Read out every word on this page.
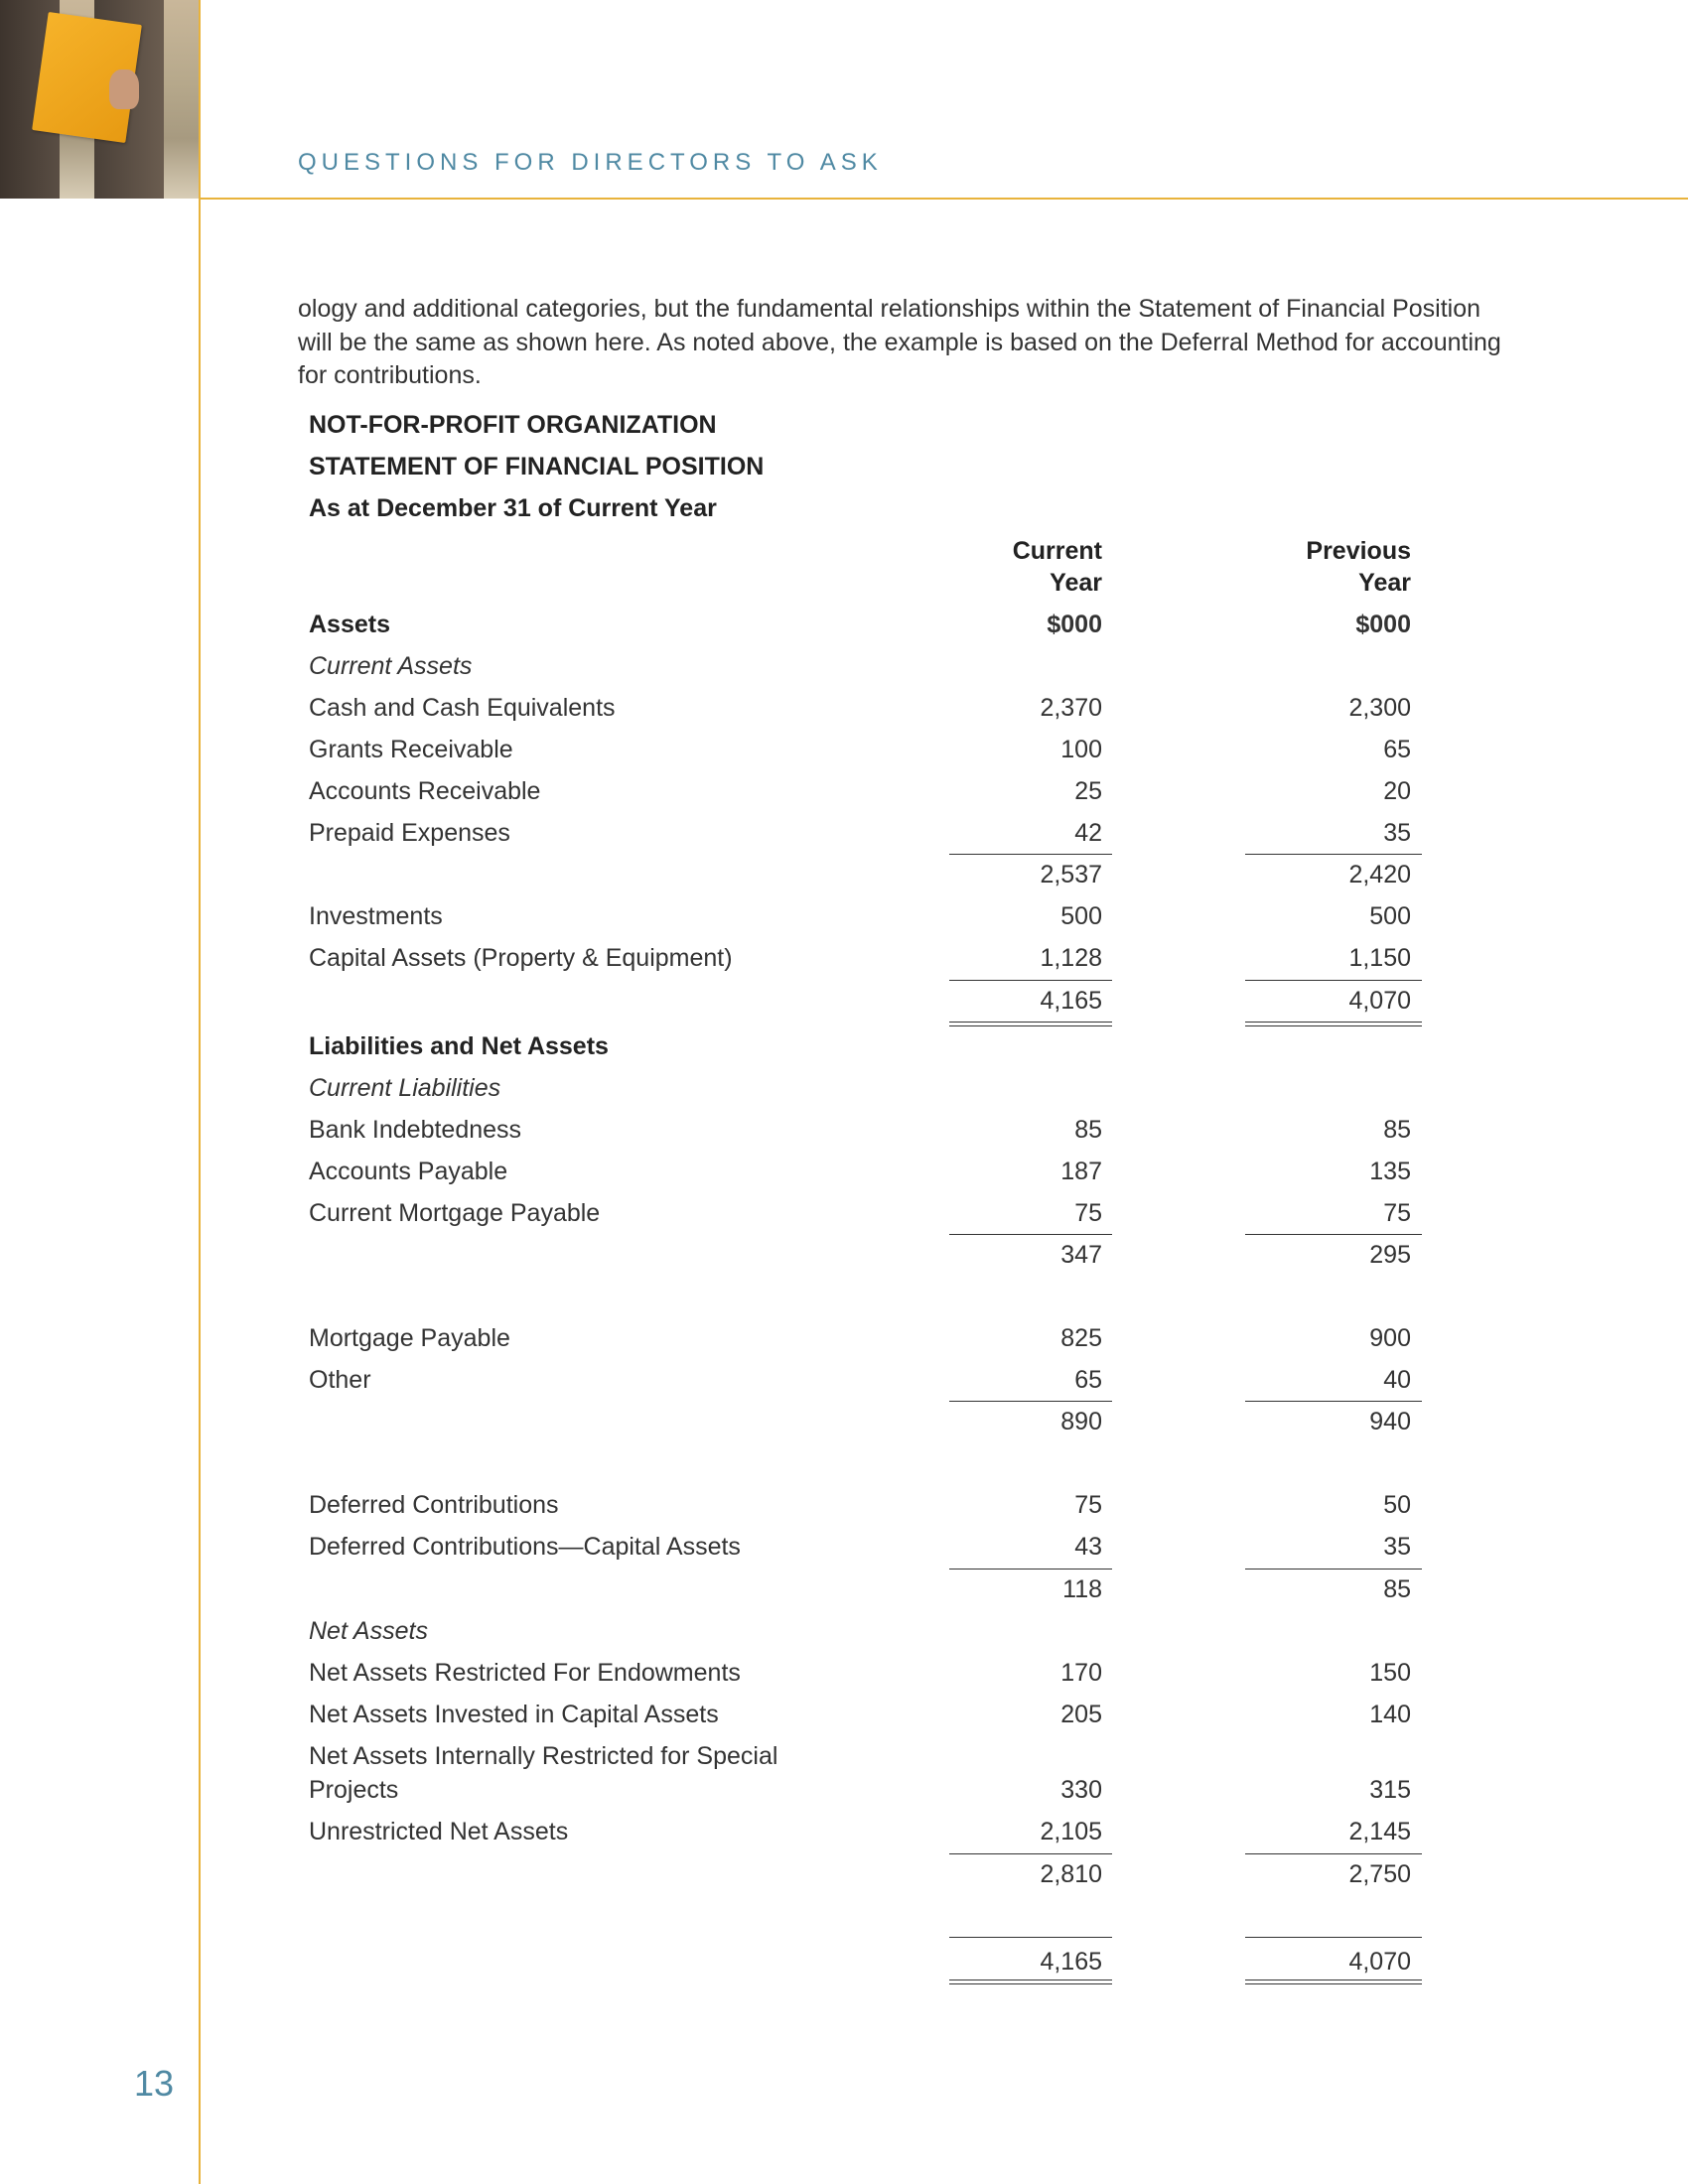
QUESTIONS FOR DIRECTORS TO ASK
13
ology and additional categories, but the fundamental relationships within the Statement of Financial Position will be the same as shown here. As noted above, the example is based on the Deferral Method for accounting for contributions.
NOT-FOR-PROFIT ORGANIZATION
STATEMENT OF FINANCIAL POSITION
As at December 31 of Current Year
Current
Year
Previous
Year
Assets	$000	$000
Current Assets
Cash and Cash Equivalents	2,370	2,300
Grants Receivable	100	65
Accounts Receivable	25	20
Prepaid Expenses	42	35
2,537	2,420
Investments	500	500
Capital Assets (Property & Equipment)	1,128	1,150
4,165	4,070
Liabilities and Net Assets
Current Liabilities
Bank Indebtedness	85	85
Accounts Payable	187	135
Current Mortgage Payable	75	75
347	295
Mortgage Payable	825	900
Other	65	40
890	940
Deferred Contributions	75	50
Deferred Contributions—Capital Assets	43	35
118	85
Net Assets
Net Assets Restricted For Endowments	170	150
Net Assets Invested in Capital Assets	205	140
Net Assets Internally Restricted for Special
Projects	330	315
Unrestricted Net Assets	2,105	2,145
2,810	2,750
4,165	4,070
